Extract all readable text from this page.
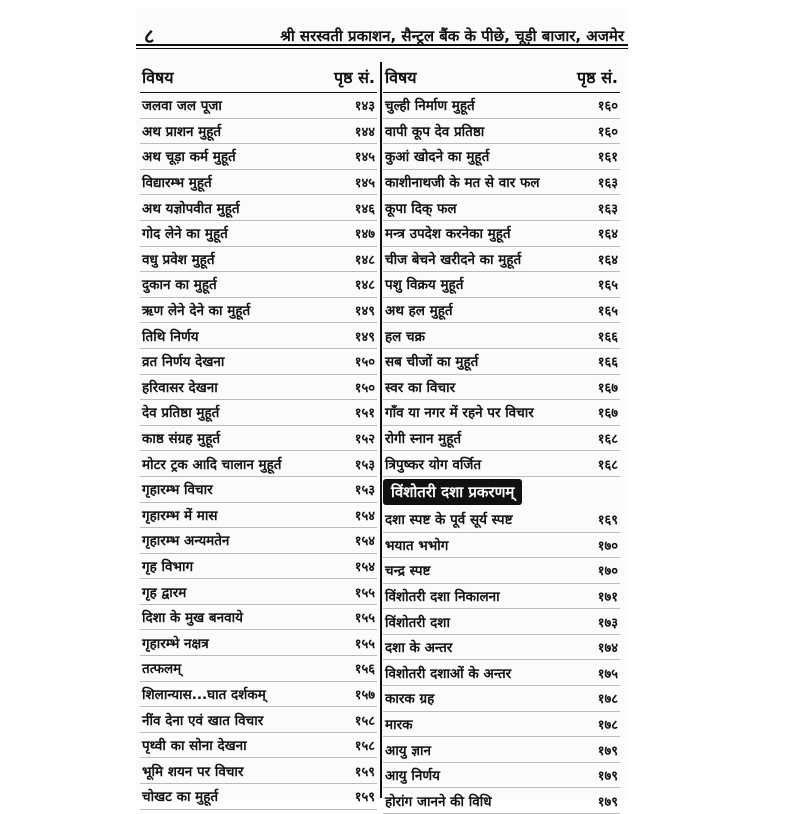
८	श्री सरस्वती प्रकाशन, सैन्ट्रल बैंक के पीछे, चूड़ी बाजार, अजमेर
विषय	पृष्ठ सं.
जलवा जल पूजा	१४३
अथ प्राशन मुहूर्त	१४४
अथ चूड़ा कर्म मुहूर्त	१४५
विद्यारम्भ मुहूर्त	१४५
अथ यज्ञोपवीत मुहूर्त	१४६
गोद लेने का मुहूर्त	१४७
वधु प्रवेश मुहूर्त	१४८
दुकान का मुहूर्त	१४८
ऋण लेने देने का मुहूर्त	१४९
तिथि निर्णय	१४९
व्रत निर्णय देखना	१५०
हरिवासर देखना	१५०
देव प्रतिष्ठा मुहूर्त	१५१
काष्ठ संग्रह मुहूर्त	१५२
मोटर ट्रक आदि चालान मुहूर्त	१५३
गृहारम्भ विचार	१५३
गृहारम्भ में मास	१५४
गृहारम्भ अन्यमतेन	१५४
गृह विभाग	१५४
गृह द्वारम	१५५
दिशा के मुख बनवाये	१५५
गृहारम्भे नक्षत्र	१५५
तत्फलम्	१५६
शिलान्यास...घात दर्शकम्	१५७
नींव देना एवं खात विचार	१५८
पृथ्वी का सोना देखना	१५८
भूमि शयन पर विचार	१५९
चोखट का मुहूर्त	१५९
विषय	पृष्ठ सं.
चुल्ही निर्माण मुहूर्त	१६०
वापी कूप देव प्रतिष्ठा	१६०
कुआं खोदने का मुहूर्त	१६१
काशीनाथजी के मत से वार फल	१६३
कूपा दिक् फल	१६३
मन्त्र उपदेश करनेका मुहूर्त	१६४
चीज बेचने खरीदने का मुहूर्त	१६४
पशु विक्रय मुहूर्त	१६५
अथ हल मुहूर्त	१६५
हल चक्र	१६६
सब चीजों का मुहूर्त	१६६
स्वर का विचार	१६७
गाँव या नगर में रहने पर विचार	१६७
रोगी स्नान मुहूर्त	१६८
त्रिपुष्कर योग वर्जित	१६८
विंशोतरी दशा प्रकरणम्
दशा स्पष्ट के पूर्व सूर्य स्पष्ट	१६९
भयात भभोग	१७०
चन्द्र स्पष्ट	१७०
विंशोतरी दशा निकालना	१७१
विंशोतरी दशा	१७३
दशा के अन्तर	१७४
विशोतरी दशाओं के अन्तर	१७५
कारक ग्रह	१७८
मारक	१७८
आयु ज्ञान	१७९
आयु निर्णय	१७९
होरांग जानने की विधि	१७९
